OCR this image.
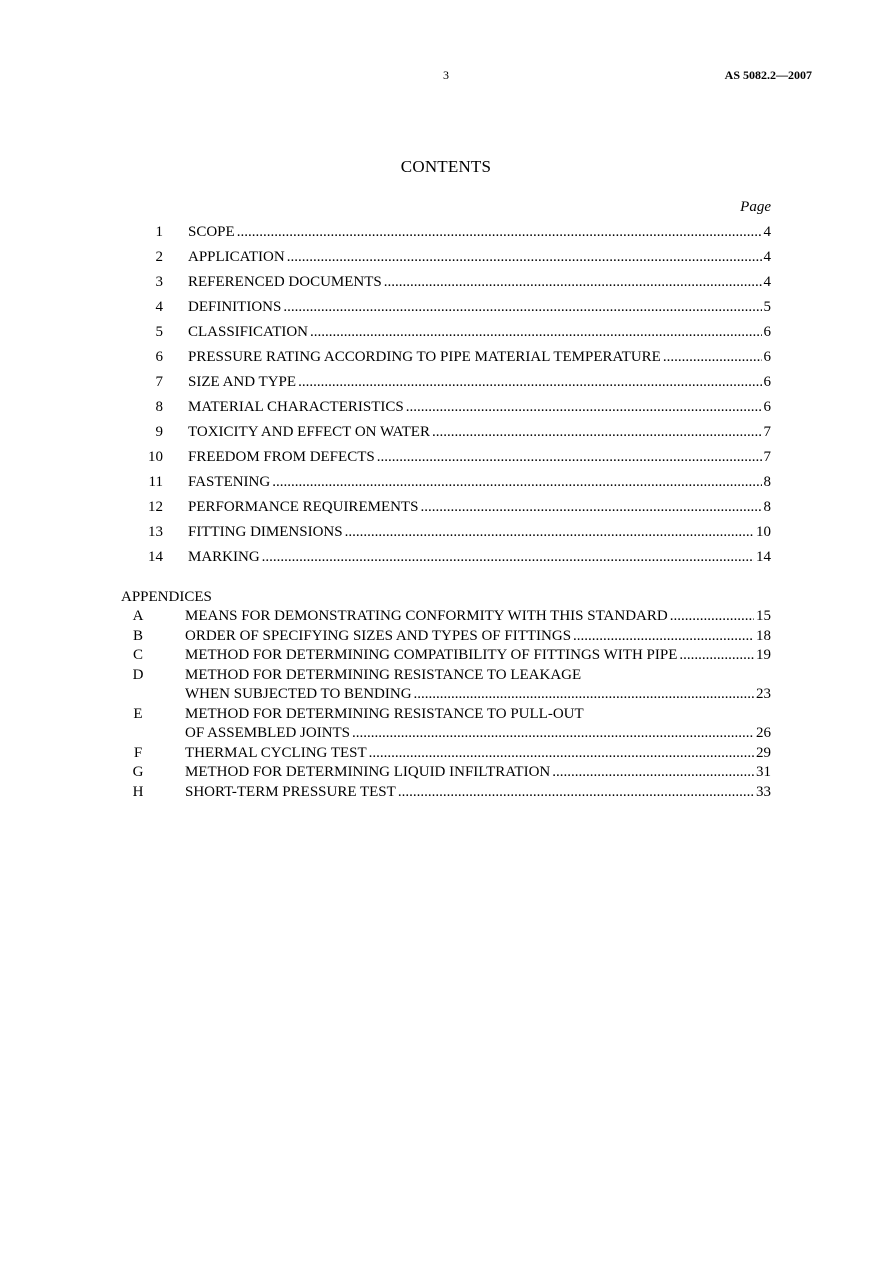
3	AS 5082.2—2007
CONTENTS
Page
1 SCOPE .....	4
2 APPLICATION .....	4
3 REFERENCED DOCUMENTS .....	4
4 DEFINITIONS .....	5
5 CLASSIFICATION .....	6
6 PRESSURE RATING ACCORDING TO PIPE MATERIAL TEMPERATURE .....	6
7 SIZE AND TYPE .....	6
8 MATERIAL CHARACTERISTICS .....	6
9 TOXICITY AND EFFECT ON WATER .....	7
10 FREEDOM FROM DEFECTS .....	7
11 FASTENING .....	8
12 PERFORMANCE REQUIREMENTS .....	8
13 FITTING DIMENSIONS .....	10
14 MARKING .....	14
APPENDICES
A	MEANS FOR DEMONSTRATING CONFORMITY WITH THIS STANDARD .....	15
B	ORDER OF SPECIFYING SIZES AND TYPES OF FITTINGS .....	18
C	METHOD FOR DETERMINING COMPATIBILITY OF FITTINGS WITH PIPE .....	19
D	METHOD FOR DETERMINING RESISTANCE TO LEAKAGE
WHEN SUBJECTED TO BENDING .....	23
E	METHOD FOR DETERMINING RESISTANCE TO PULL-OUT
OF ASSEMBLED JOINTS .....	26
F	THERMAL CYCLING TEST .....	29
G	METHOD FOR DETERMINING LIQUID INFILTRATION .....	31
H	SHORT-TERM PRESSURE TEST .....	33
